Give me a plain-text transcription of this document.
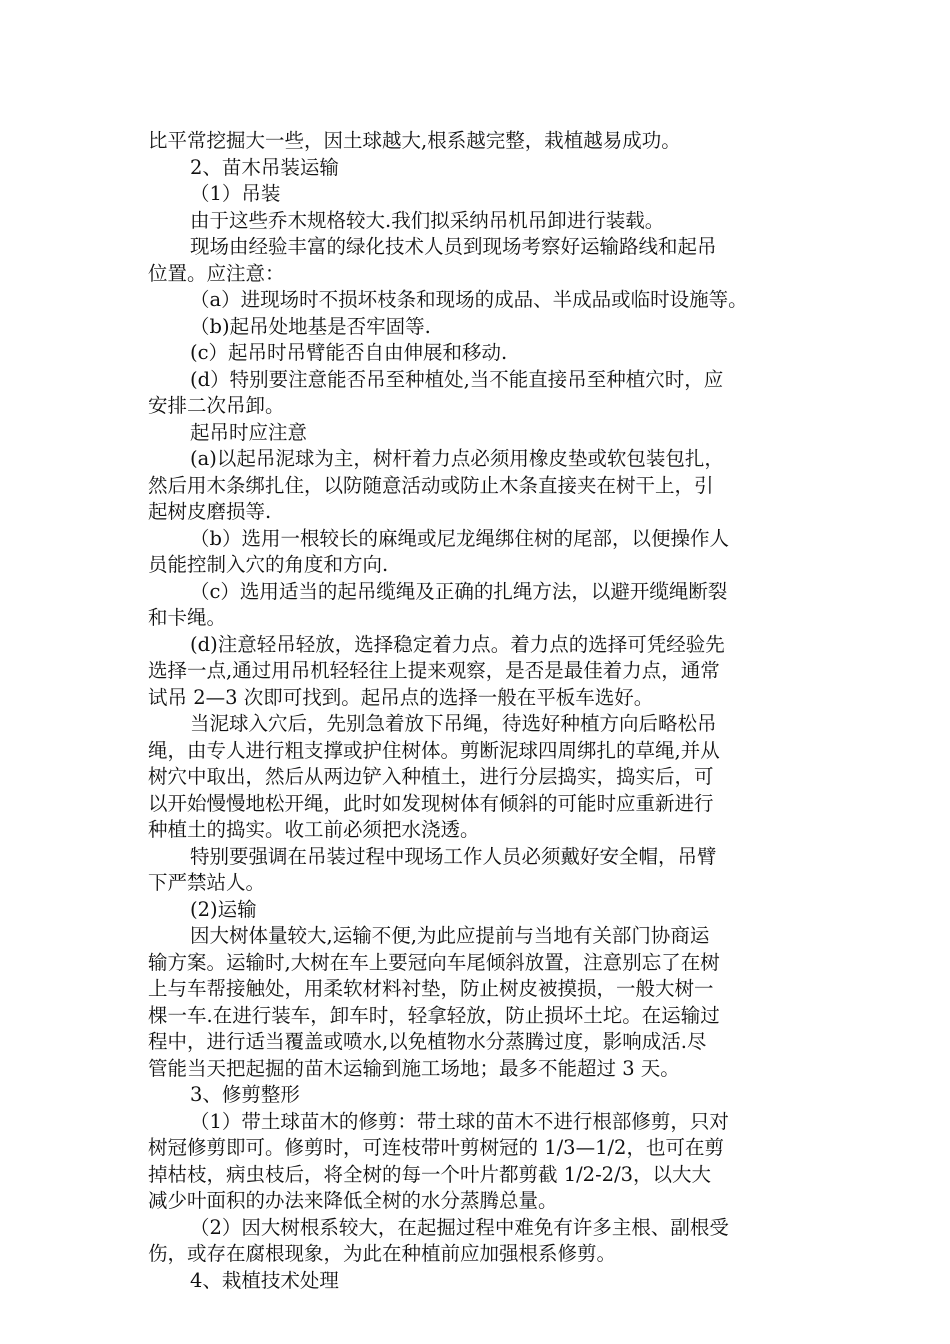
比平常挖掘大一些，因土球越大,根系越完整，栽植越易成功。
2、苗木吊装运输
（1）吊装
由于这些乔木规格较大.我们拟采纳吊机吊卸进行装载。
现场由经验丰富的绿化技术人员到现场考察好运输路线和起吊
位置。应注意：
（a）进现场时不损坏枝条和现场的成品、半成品或临时设施等。
（b)起吊处地基是否牢固等.
(c）起吊时吊臂能否自由伸展和移动.
(d）特别要注意能否吊至种植处,当不能直接吊至种植穴时，应
安排二次吊卸。
起吊时应注意
(a)以起吊泥球为主，树杆着力点必须用橡皮垫或软包装包扎，
然后用木条绑扎住，以防随意活动或防止木条直接夹在树干上，引
起树皮磨损等.
（b）选用一根较长的麻绳或尼龙绳绑住树的尾部，以便操作人
员能控制入穴的角度和方向.
（c）选用适当的起吊缆绳及正确的扎绳方法，以避开缆绳断裂
和卡绳。
(d)注意轻吊轻放，选择稳定着力点。着力点的选择可凭经验先
选择一点,通过用吊机轻轻往上提来观察，是否是最佳着力点，通常
试吊 2—3 次即可找到。起吊点的选择一般在平板车选好。
当泥球入穴后，先别急着放下吊绳，待选好种植方向后略松吊
绳，由专人进行粗支撑或护住树体。剪断泥球四周绑扎的草绳,并从
树穴中取出，然后从两边铲入种植土，进行分层捣实，捣实后，可
以开始慢慢地松开绳，此时如发现树体有倾斜的可能时应重新进行
种植土的捣实。收工前必须把水浇透。
特别要强调在吊装过程中现场工作人员必须戴好安全帽，吊臂
下严禁站人。
(2)运输
因大树体量较大,运输不便,为此应提前与当地有关部门协商运
输方案。运输时,大树在车上要冠向车尾倾斜放置，注意别忘了在树
上与车帮接触处，用柔软材料衬垫，防止树皮被摸损，一般大树一
棵一车.在进行装车，卸车时，轻拿轻放，防止损坏土坨。在运输过
程中，进行适当覆盖或喷水,以免植物水分蒸腾过度，影响成活.尽
管能当天把起掘的苗木运输到施工场地；最多不能超过 3 天。
3、修剪整形
（1）带土球苗木的修剪：带土球的苗木不进行根部修剪，只对
树冠修剪即可。修剪时，可连枝带叶剪树冠的 1/3—1/2，也可在剪
掉枯枝，病虫枝后，将全树的每一个叶片都剪截 1/2-2/3，以大大
减少叶面积的办法来降低全树的水分蒸腾总量。
（2）因大树根系较大，在起掘过程中难免有许多主根、副根受
伤，或存在腐根现象，为此在种植前应加强根系修剪。
4、栽植技术处理
